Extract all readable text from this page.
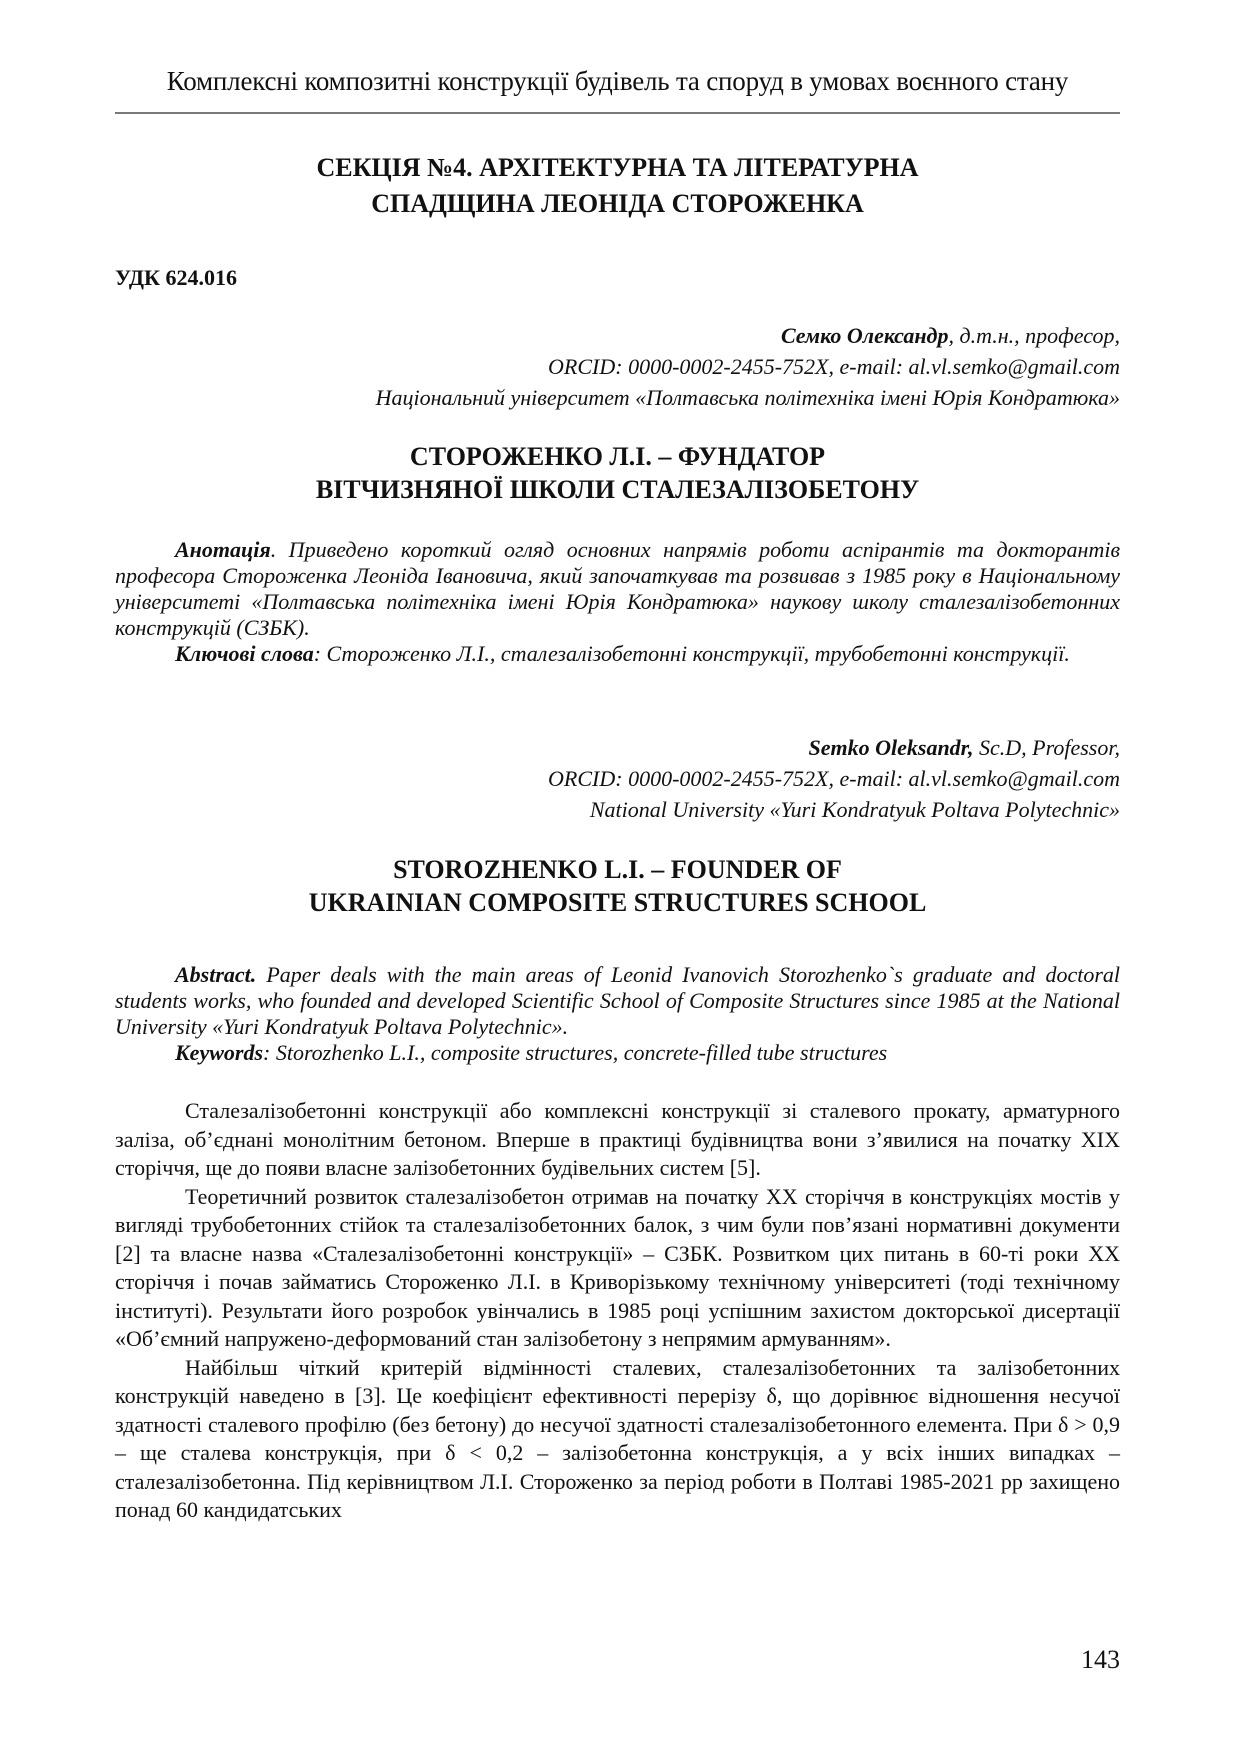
Комплексні композитні конструкції будівель та споруд в умовах воєнного стану
СЕКЦІЯ №4. АРХІТЕКТУРНА ТА ЛІТЕРАТУРНА
СПАДЩИНА ЛЕОНІДА СТОРОЖЕНКА
УДК 624.016
Семко Олександр, д.т.н., професор,
ORCID: 0000-0002-2455-752X, e-mail: al.vl.semko@gmail.com
Національний університет «Полтавська політехніка імені Юрія Кондратюка»
СТОРОЖЕНКО Л.І. – ФУНДАТОР
ВІТЧИЗНЯНОЇ ШКОЛИ СТАЛЕЗАЛІЗОБЕТОНУ

Анотація. Приведено короткий огляд основних напрямів роботи аспірантів та докторантів професора Стороженка Леоніда Івановича, який започаткував та розвивав з 1985 року в Національному університеті «Полтавська політехніка імені Юрія Кондратюка» наукову школу сталезалізобетонних конструкцій (СЗБК).

Ключові слова: Стороженко Л.І., сталезалізобетонні конструкції, трубобетонні конструкції.

Semko Oleksandr, Sc.D, Professor,
ORCID: 0000-0002-2455-752X, e-mail: al.vl.semko@gmail.com
National University «Yuri Kondratyuk Poltava Polytechnic»
STOROZHENKO L.I. – FOUNDER OF
UKRAINIAN COMPOSITE STRUCTURES SCHOOL

Abstract. Paper deals with the main areas of Leonid Ivanovich Storozhenko`s graduate and doctoral students works, who founded and developed Scientific School of Composite Structures since 1985 at the National University «Yuri Kondratyuk Poltava Polytechnic».

Keywords: Storozhenko L.I., composite structures, concrete-filled tube structures

Сталезалізобетонні конструкції або комплексні конструкції зі сталевого прокату, арматурного заліза, об’єднані монолітним бетоном. Вперше в практиці будівництва вони з’явилися на початку XIX сторіччя, ще до появи власне залізобетонних будівельних систем [5].

Теоретичний розвиток сталезалізобетон отримав на початку XX сторіччя в конструкціях мостів у вигляді трубобетонних стійок та сталезалізобетонних балок, з чим були пов’язані нормативні документи [2] та власне назва «Сталезалізобетонні конструкції» – СЗБК. Розвитком цих питань в 60-ті роки XX сторіччя і почав займатись Стороженко Л.І. в Криворізькому технічному університеті (тоді технічному інституті). Результати його розробок увінчались в 1985 році успішним захистом докторської дисертації «Об’ємний напружено-деформований стан залізобетону з непрямим армуванням».

Найбільш чіткий критерій відмінності сталевих, сталезалізобетонних та залізобетонних конструкцій наведено в [3]. Це коефіцієнт ефективності перерізу δ, що дорівнює відношення несучої здатності сталевого профілю (без бетону) до несучої здатності сталезалізобетонного елемента. При δ > 0,9 – ще сталева конструкція, при δ < 0,2 – залізобетонна конструкція, а у всіх інших випадках – сталезалізобетонна. Під керівництвом Л.І. Стороженко за період роботи в Полтаві 1985-2021 рр захищено понад 60 кандидатських

143
